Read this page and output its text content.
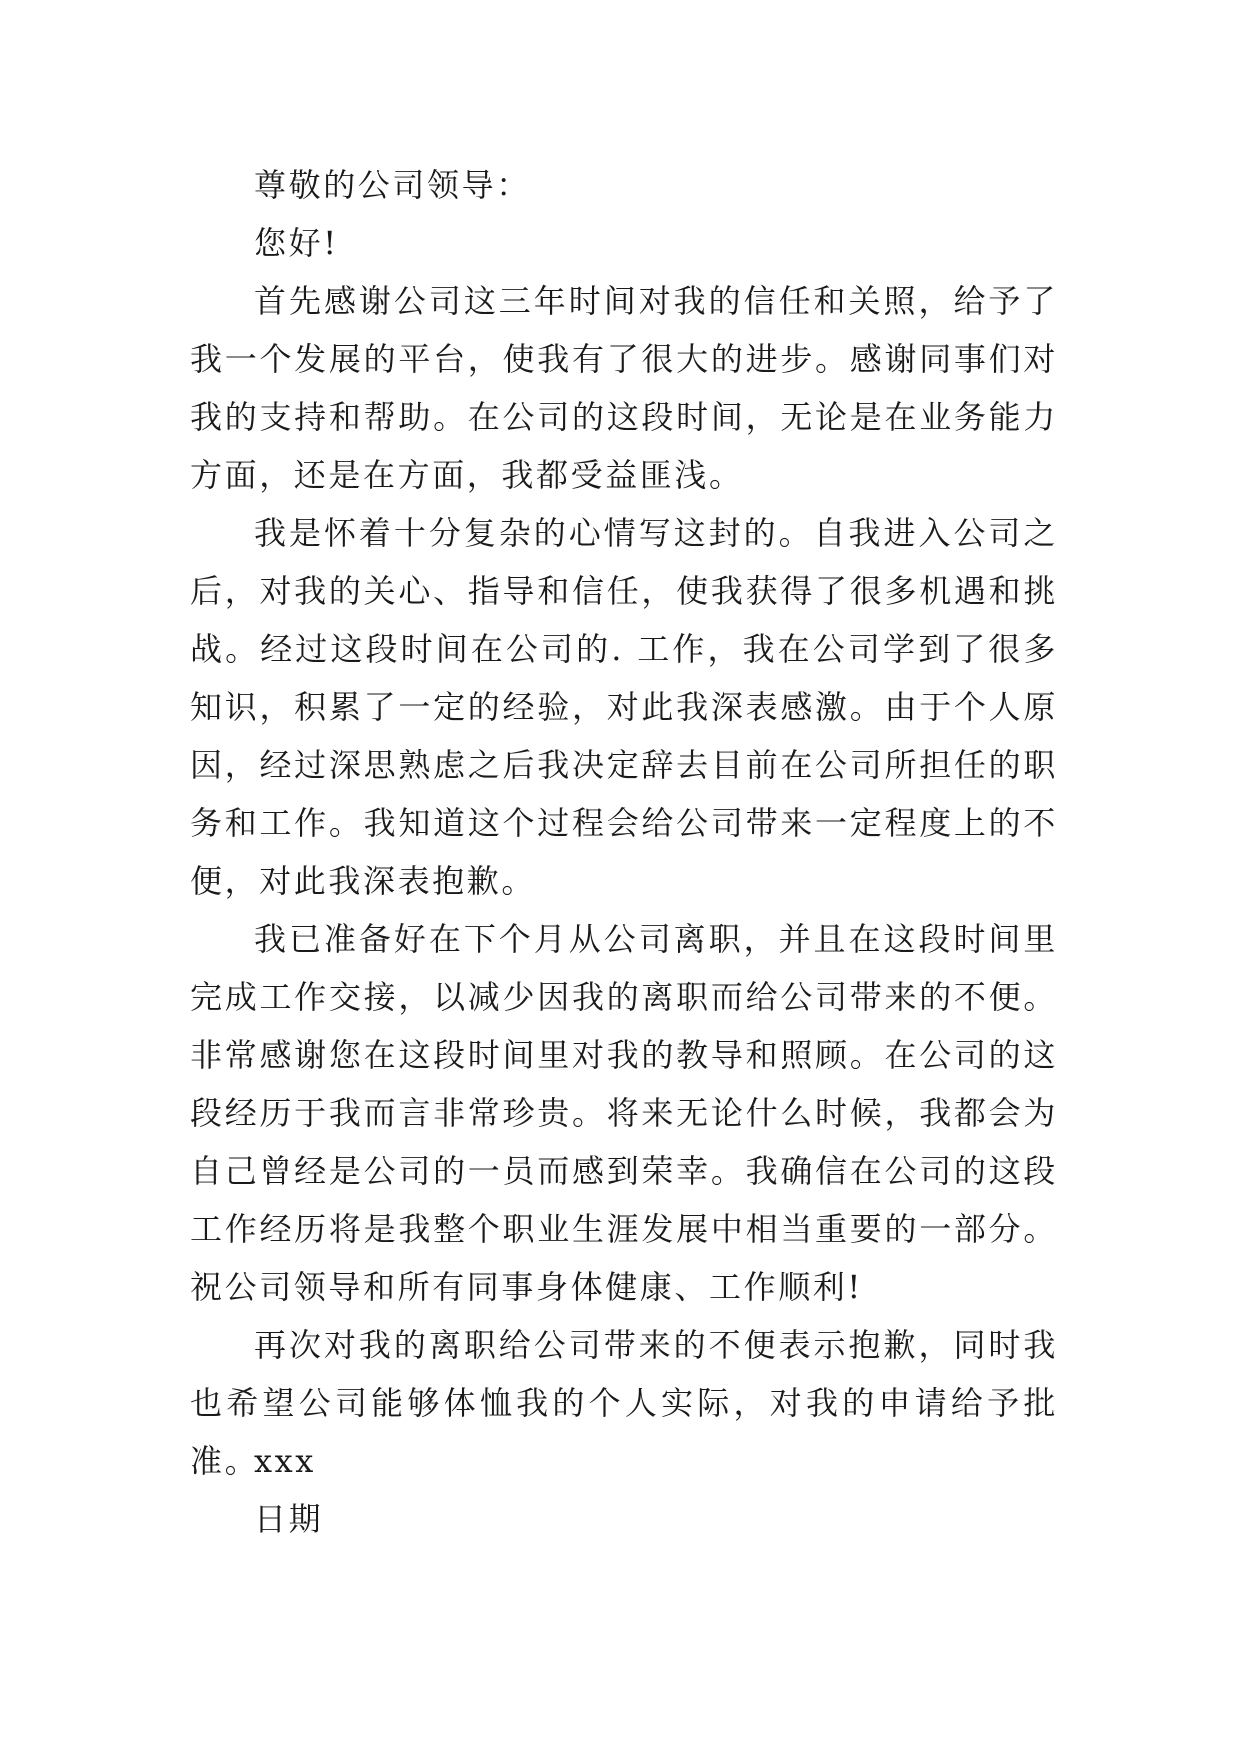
尊敬的公司领导：
您好!
首先感谢公司这三年时间对我的信任和关照，给予了我一个发展的平台，使我有了很大的进步。感谢同事们对我的支持和帮助。在公司的这段时间，无论是在业务能力方面，还是在方面，我都受益匪浅。
我是怀着十分复杂的心情写这封的。自我进入公司之后，对我的关心、指导和信任，使我获得了很多机遇和挑战。经过这段时间在公司的. 工作，我在公司学到了很多知识，积累了一定的经验，对此我深表感激。由于个人原因，经过深思熟虑之后我决定辞去目前在公司所担任的职务和工作。我知道这个过程会给公司带来一定程度上的不便，对此我深表抱歉。
我已准备好在下个月从公司离职，并且在这段时间里完成工作交接，以减少因我的离职而给公司带来的不便。非常感谢您在这段时间里对我的教导和照顾。在公司的这段经历于我而言非常珍贵。将来无论什么时候，我都会为自己曾经是公司的一员而感到荣幸。我确信在公司的这段工作经历将是我整个职业生涯发展中相当重要的一部分。祝公司领导和所有同事身体健康、工作顺利!
再次对我的离职给公司带来的不便表示抱歉，同时我也希望公司能够体恤我的个人实际，对我的申请给予批准。
xxx
日期
